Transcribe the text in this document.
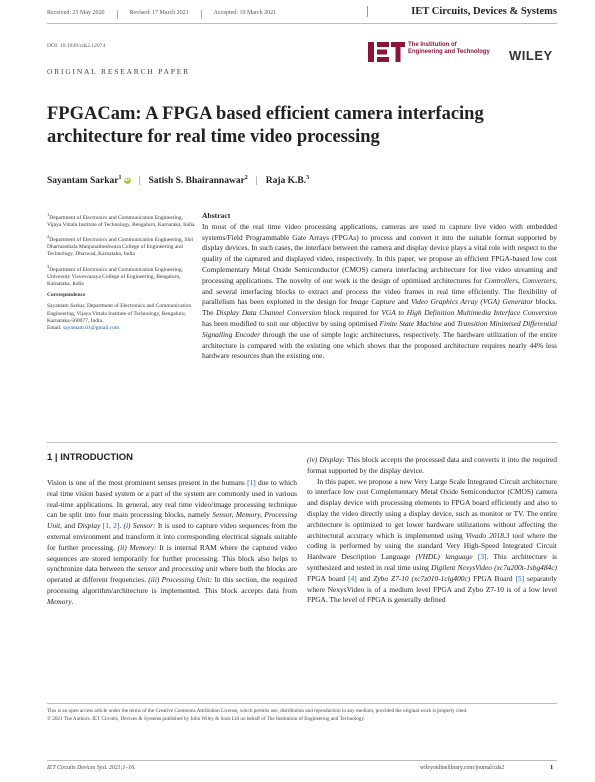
Received: 25 May 2020	Revised: 17 March 2021	Accepted: 19 March 2021	IET Circuits, Devices & Systems
DOI: 10.1049/cds2.12074	The Institution of
Engineering and Technology WILEY
ORIGINAL RESEARCH PAPER
FPGACam: A FPGA based efficient camera interfacing architecture for real time video processing
Sayantam Sarkar$^1$ iD | Satish S. Bhairannawar$^2$ | Raja K.B.$^3$

$^1$Department of Electronics and Communication Engineering, Vijaya Vittala Institute of Technology, Bengaluru, Karnataka, India

$^2$Department of Electronics and Communication Engineering, Shri Dharmasthala Manjunatheshwara College of Engineering and Technology, Dharwad, Karnataka, India

$^3$Department of Electronics and Communication Engineering, University Visvesvaraya College of Engineering, Bengaluru, Karnataka, India

Correspondence

Sayantam Sarkar, Department of Electronics and Communication Engineering, Vijaya Vittala Institute of Technology, Bengaluru, Karnataka-560077, India.
Email: sayantam.61@gmail.com

Abstract
In most of the real time video processing applications, cameras are used to capture live video with embedded systems/Field Programmable Gate Arrays (FPGAs) to process and convert it into the suitable format supported by display devices. In such cases, the interface between the camera and display device plays a vital role with respect to the quality of the captured and displayed video, respectively. In this paper, we propose an efficient FPGA-based low cost Complementary Metal Oxide Semiconductor (CMOS) camera interfacing architecture for live video streaming and processing applications. The novelty of our work is the design of optimised architectures for Controllers, Converters, and several interfacing blocks to extract and process the video frames in real time efficiently. The flexibility of parallelism has been exploited in the design for Image Capture and Video Graphics Array (VGA) Generator blocks. The Display Data Channel Conversion block required for VGA to High Definition Multimedia Interface Conversion has been modified to suit our objective by using optimised Finite State Machine and Transition Minimised Differential Signalling Encoder through the use of simple logic architectures, respectively. The hardware utilization of the entire architecture is compared with the existing one which shows that the proposed architecture requires nearly 44% less hardware resources than the existing one.
1 | INTRODUCTION
Vision is one of the most prominent senses present in the humans [1] due to which real time vision based system or a part of the system are commonly used in various real-time applications. In general, any real time video/image processing technique can be split into four main processing blocks, namely Sensor, Memory, Processing Unit, and Display [1, 2]. (i) Sensor: It is used to capture video sequences from the external environment and transform it into corresponding electrical signals suitable for further processing. (ii) Memory: It is internal RAM where the captured video sequences are stored temporarily for further processing. This block also helps to synchronize data between the sensor and processing unit where both the blocks are operated at different frequencies. (iii) Processing Unit: In this section, the required processing algorithm/architecture is implemented. This block accepts data from Memory.
(iv) Display: This block accepts the processed data and converts it into the required format supported by the display device.
In this paper, we propose a new Very Large Scale Integrated Circuit architecture to interface low cost Complementary Metal Oxide Semiconductor (CMOS) camera and display device with processing elements to FPGA board efficiently and also to display the video directly using a display device, such as monitor or TV. The entire architecture is optimized to get lower hardware utilizations without affecting the architectural accuracy which is implemented using Vivado 2018.3 tool where the coding is performed by using the standard Very High-Speed Integrated Circuit Hardware Description Language (VHDL) language [3]. This architecture is synthesized and tested in real time using Digilent NexysVideo (xc7a200t-1sbg484c) FPGA board [4] and Zybo Z7-10 (xc7z010-1clg400c) FPGA Board [5] separately where NexysVideo is of a medium level FPGA and Zybo Z7-10 is of a low level FPGA. The level of FPGA is generally defined

This is an open access article under the terms of the Creative Commons Attribution License, which permits use, distribution and reproduction in any medium, provided the original work is properly cited.

© 2021 The Authors. IET Circuits, Devices & Systems published by John Wiley & Sons Ltd on behalf of The Institution of Engineering and Technology.

IET Circuits Devices Syst. 2021;1–16.	wileyonlinelibrary.com/journal/cds2	1
